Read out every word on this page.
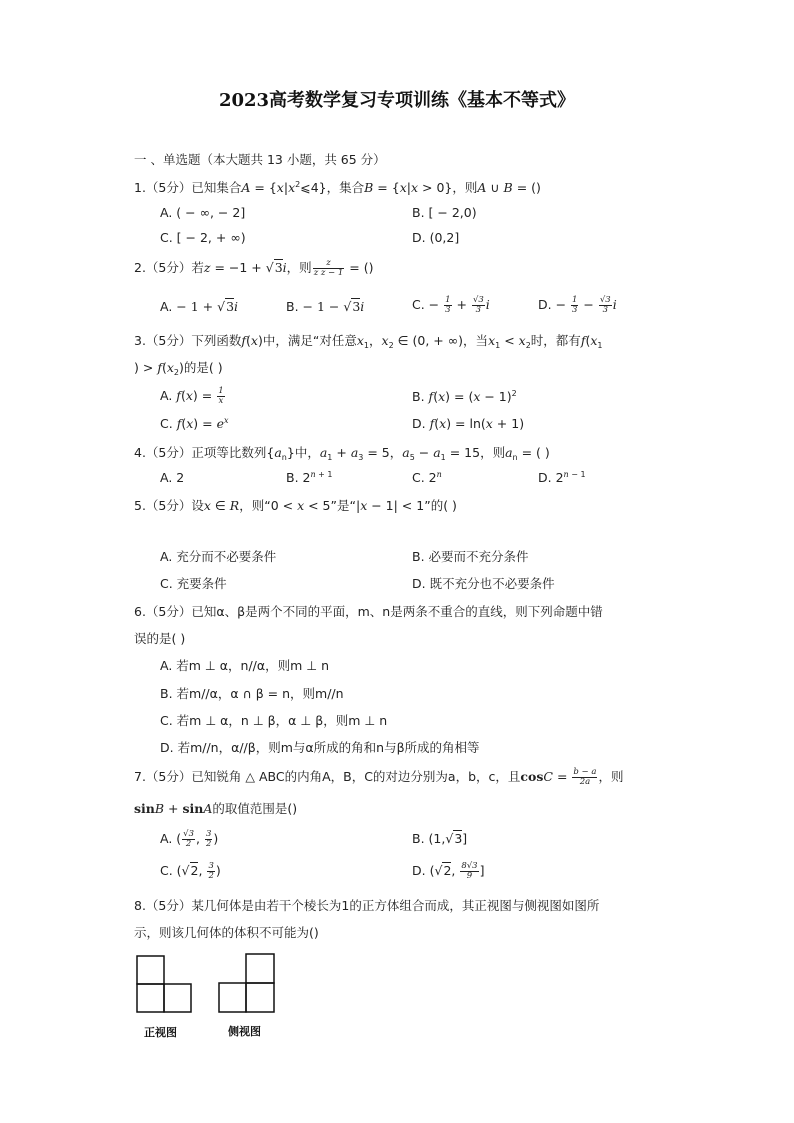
2023高考数学复习专项训练《基本不等式》
一 、单选题（本大题共 13 小题，共 65 分）
1.（5分）已知集合$A = \{x|x^2⩽4\}$，集合B = {x|x > 0}，则A ∪ B = ()
A. ( − ∞, − 2]	B. [ − 2,0)
C. [ − 2, + ∞)	D. (0,2]
2.（5分）若z = −1 + √3i，则 $\frac{z}{\text{z z − 1}}$ = ()
A. − 1 + √3i	B. − 1 − √3i	C. − $\frac{1}{3} + \frac{√3}{3}$ i	D. − $\frac{1}{3} - \frac{√3}{3}$ i
3.（5分）下列函数f(x)中，满足“对任意$x_1$，$x_2$ ∈ (0, + ∞)，当$x_1 < x_2$时，都有$f(x_1$
) > $f(x_2)$的是( )
A. $f(x) = \frac{1}{x}$	B. $f(x) = (x - 1)^2$
C. $f(x) = e^x$	D. f(x) = ln(x + 1)
4.（5分）正项等比数列$\{a_n\}$中，$a_1 + a_3 = 5$，$a_5 - a_1 = 15$，则$a_n$ = ( )
A. 2	B. $2^{n + 1}$	C. 2$^n$	D. $2^{n - 1}$
5.（5分）设x ∈ R，则“0 < x < 5”是“|x − 1| < 1”的( )
A. 充分而不必要条件	B. 必要而不充分条件
C. 充要条件	D. 既不充分也不必要条件
6.（5分）已知α、β是两个不同的平面，m、n是两条不重合的直线，则下列命题中错
误的是( )
A. 若m ⊥ α，n//α，则m ⊥ n
B. 若m//α，α ∩ β = n，则m//n
C. 若m ⊥ α，n ⊥ β，α ⊥ β，则m ⊥ n
D. 若m//n，α//β，则m与α所成的角和n与β所成的角相等
7.（5分）已知锐角 △ ABC的内角A，B，C的对边分别为a，b，c，且$\cos C = \frac{b - a}{2a}$ ，则
sinB + sinA的取值范围是()
A. ( $\frac{√3}{2}$ , $\frac{3}{2}$ )	B. (1,√3]
C. (√2, $\frac{3}{2}$ )	D. (√2, $\frac{8√3}{9}$ ]
8.（5分）某几何体是由若干个棱长为1的正方体组合而成，其正视图与侧视图如图所
示，则该几何体的体积不可能为()
正视图	侧视图
